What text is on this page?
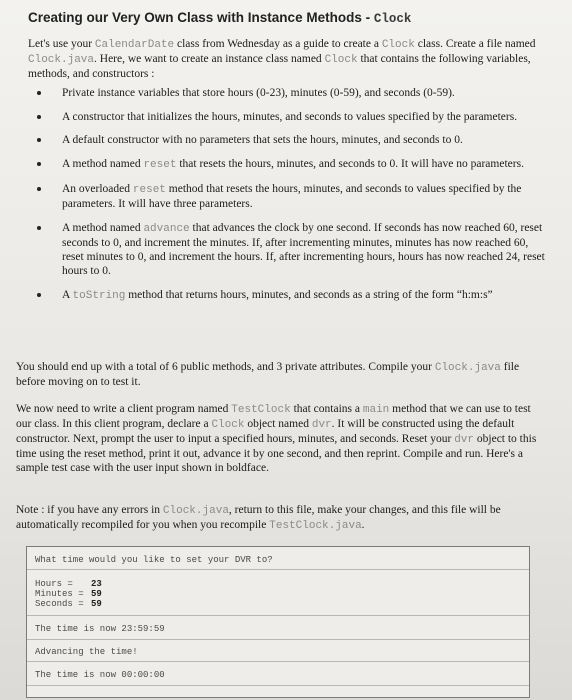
Creating our Very Own Class with Instance Methods - Clock
Let's use your CalendarDate class from Wednesday as a guide to create a Clock class. Create a file named Clock.java. Here, we want to create an instance class named Clock that contains the following variables, methods, and constructors :
Private instance variables that store hours (0-23), minutes (0-59), and seconds (0-59).
A constructor that initializes the hours, minutes, and seconds to values specified by the parameters.
A default constructor with no parameters that sets the hours, minutes, and seconds to 0.
A method named reset that resets the hours, minutes, and seconds to 0. It will have no parameters.
An overloaded reset method that resets the hours, minutes, and seconds to values specified by the parameters. It will have three parameters.
A method named advance that advances the clock by one second. If seconds has now reached 60, reset seconds to 0, and increment the minutes. If, after incrementing minutes, minutes has now reached 60, reset minutes to 0, and increment the hours. If, after incrementing hours, hours has now reached 24, reset hours to 0.
A toString method that returns hours, minutes, and seconds as a string of the form “h:m:s”
You should end up with a total of 6 public methods, and 3 private attributes. Compile your Clock.java file before moving on to test it.
We now need to write a client program named TestClock that contains a main method that we can use to test our class. In this client program, declare a Clock object named dvr. It will be constructed using the default constructor. Next, prompt the user to input a specified hours, minutes, and seconds. Reset your dvr object to this time using the reset method, print it out, advance it by one second, and then reprint. Compile and run. Here's a sample test case with the user input shown in boldface.
Note : if you have any errors in Clock.java, return to this file, make your changes, and this file will be automatically recompiled for you when you recompile TestClock.java.
What time would you like to set your DVR to?
Hours = 23
Minutes = 59
Seconds = 59
The time is now 23:59:59
Advancing the time!
The time is now 00:00:00
